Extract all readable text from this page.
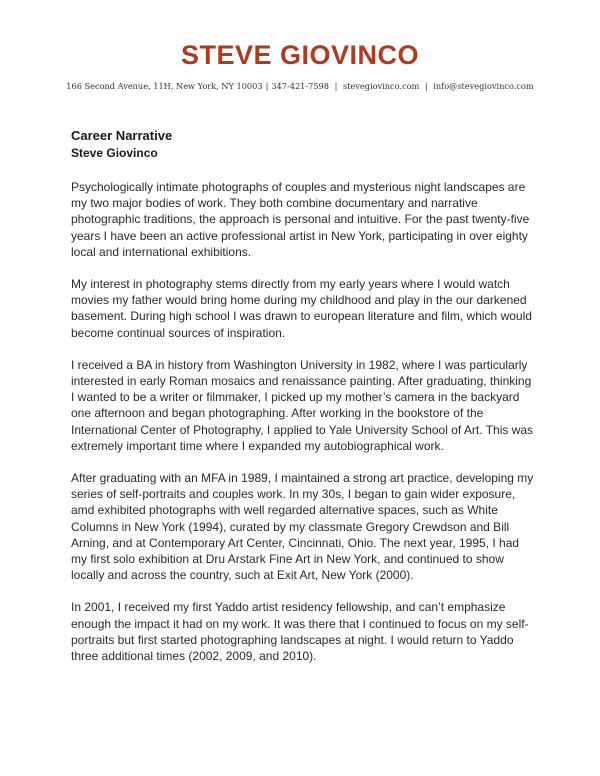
STEVE GIOVINCO

166 Second Avenue, 11H, New York, NY 10003 | 347-421-7598 | stevegiovinco.com | info@stevegiovinco.com

Career Narrative
Steve Giovinco

Psychologically intimate photographs of couples and mysterious night landscapes are my two major bodies of work. They both combine documentary and narrative photographic traditions, the approach is personal and intuitive. For the past twenty-five years I have been an active professional artist in New York, participating in over eighty local and international exhibitions.

My interest in photography stems directly from my early years where I would watch movies my father would bring home during my childhood and play in the our darkened basement. During high school I was drawn to european literature and film, which would become continual sources of inspiration.

I received a BA in history from Washington University in 1982, where I was particularly interested in early Roman mosaics and renaissance painting. After graduating, thinking I wanted to be a writer or filmmaker, I picked up my mother’s camera in the backyard one afternoon and began photographing. After working in the bookstore of the International Center of Photography, I applied to Yale University School of Art. This was extremely important time where I expanded my autobiographical work.

After graduating with an MFA in 1989, I maintained a strong art practice, developing my series of self-portraits and couples work. In my 30s, I began to gain wider exposure, amd exhibited photographs with well regarded alternative spaces, such as White Columns in New York (1994), curated by my classmate Gregory Crewdson and Bill Arning, and at Contemporary Art Center, Cincinnati, Ohio. The next year, 1995, I had my first solo exhibition at Dru Arstark Fine Art in New York, and continued to show locally and across the country, such at Exit Art, New York (2000).

In 2001, I received my first Yaddo artist residency fellowship, and can’t emphasize enough the impact it had on my work. It was there that I continued to focus on my self-portraits but first started photographing landscapes at night. I would return to Yaddo three additional times (2002, 2009, and 2010).
